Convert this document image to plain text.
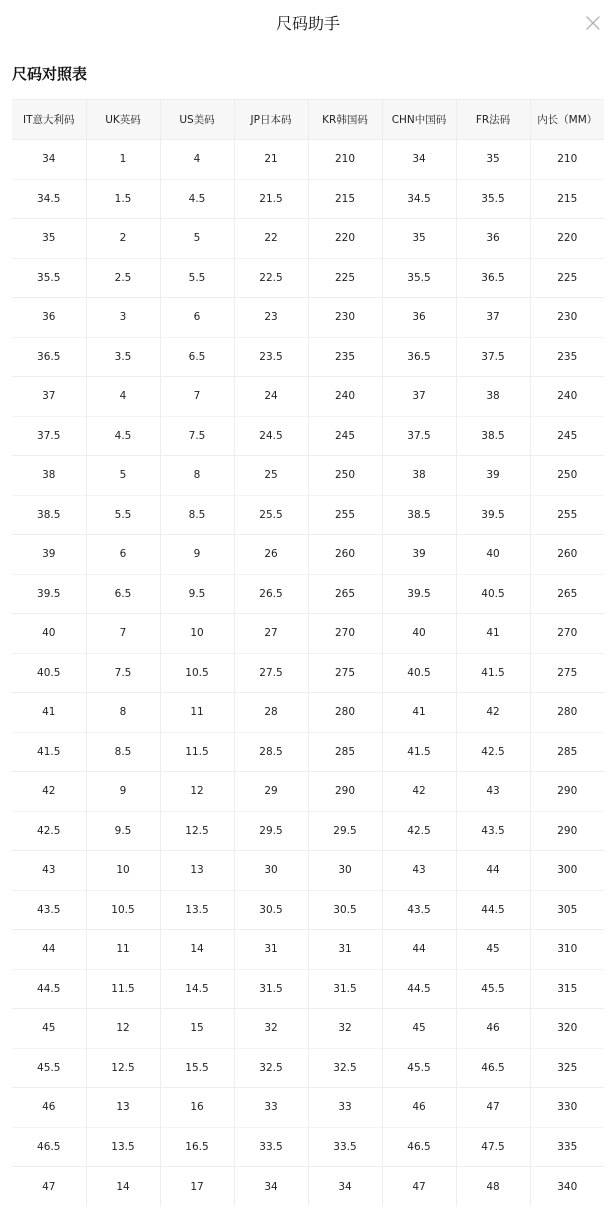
尺码助手
尺码对照表
IT意大利码	UK英码	US美码	JP日本码	KR韩国码	CHN中国码	FR法码	内长（MM）
34	1	4	21	210	34	35	210
34.5	1.5	4.5	21.5	215	34.5	35.5	215
35	2	5	22	220	35	36	220
35.5	2.5	5.5	22.5	225	35.5	36.5	225
36	3	6	23	230	36	37	230
36.5	3.5	6.5	23.5	235	36.5	37.5	235
37	4	7	24	240	37	38	240
37.5	4.5	7.5	24.5	245	37.5	38.5	245
38	5	8	25	250	38	39	250
38.5	5.5	8.5	25.5	255	38.5	39.5	255
39	6	9	26	260	39	40	260
39.5	6.5	9.5	26.5	265	39.5	40.5	265
40	7	10	27	270	40	41	270
40.5	7.5	10.5	27.5	275	40.5	41.5	275
41	8	11	28	280	41	42	280
41.5	8.5	11.5	28.5	285	41.5	42.5	285
42	9	12	29	290	42	43	290
42.5	9.5	12.5	29.5	29.5	42.5	43.5	290
43	10	13	30	30	43	44	300
43.5	10.5	13.5	30.5	30.5	43.5	44.5	305
44	11	14	31	31	44	45	310
44.5	11.5	14.5	31.5	31.5	44.5	45.5	315
45	12	15	32	32	45	46	320
45.5	12.5	15.5	32.5	32.5	45.5	46.5	325
46	13	16	33	33	46	47	330
46.5	13.5	16.5	33.5	33.5	46.5	47.5	335
47	14	17	34	34	47	48	340
